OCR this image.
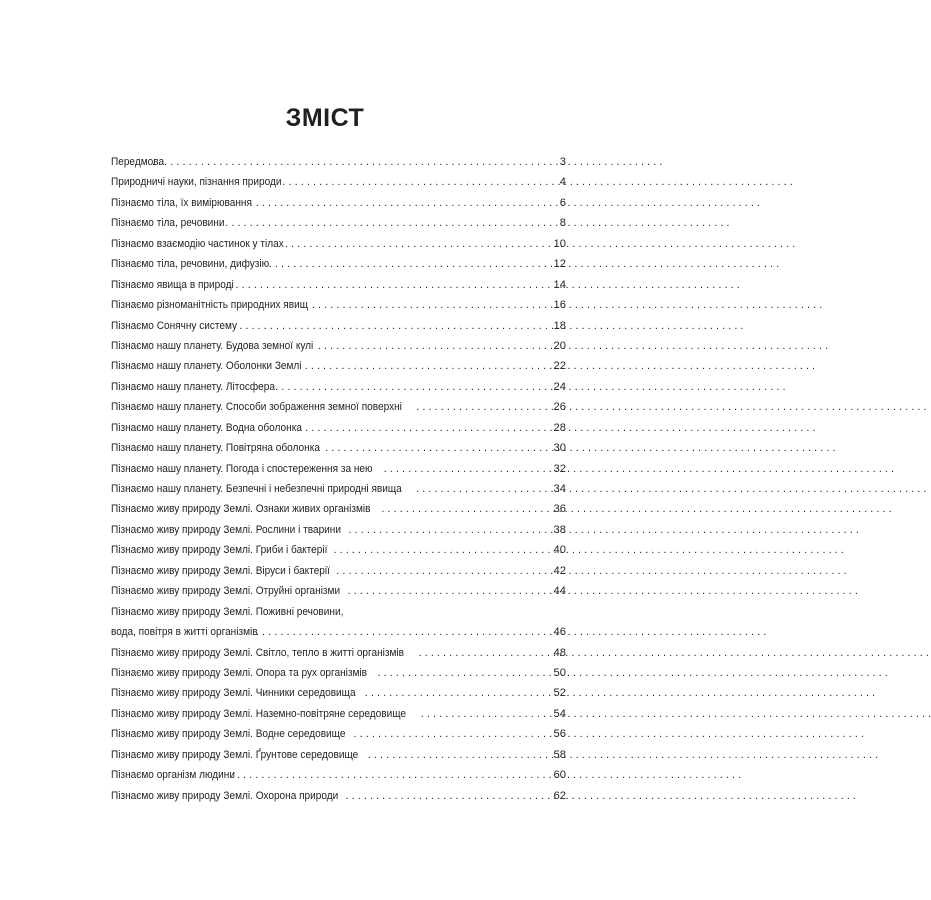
ЗМІСТ
Передмова . . .	3
Природничі науки, пізнання природи . . .	4
Пізнаємо тіла, їх вимірювання . . .	6
Пізнаємо тіла, речовини . . .	8
Пізнаємо взаємодію частинок у тілах . . .	10
Пізнаємо тіла, речовини, дифузію . . .	12
Пізнаємо явища в природі . . .	14
Пізнаємо різноманітність природних явищ . . .	16
Пізнаємо Сонячну систему . . .	18
Пізнаємо нашу планету. Будова земної кулі . . .	20
Пізнаємо нашу планету. Оболонки Землі . . .	22
Пізнаємо нашу планету. Літосфера . . .	24
Пізнаємо нашу планету. Способи зображення земної поверхні . . .	26
Пізнаємо нашу планету. Водна оболонка . . .	28
Пізнаємо нашу планету. Повітряна оболонка . . .	30
Пізнаємо нашу планету. Погода і спостереження за нею . . .	32
Пізнаємо нашу планету. Безпечні і небезпечні природні явища . . .	34
Пізнаємо живу природу Землі. Ознаки живих організмів . . .	36
Пізнаємо живу природу Землі. Рослини і тварини . . .	38
Пізнаємо живу природу Землі. Гриби і бактерії . . .	40
Пізнаємо живу природу Землі. Віруси і бактерії . . .	42
Пізнаємо живу природу Землі. Отруйні організми . . .	44
Пізнаємо живу природу Землі. Поживні речовини,
вода, повітря в житті організмів . . .	46
Пізнаємо живу природу Землі. Світло, тепло в житті організмів . . .	48
Пізнаємо живу природу Землі. Опора та рух організмів . . .	50
Пізнаємо живу природу Землі. Чинники середовища . . .	52
Пізнаємо живу природу Землі. Наземно-повітряне середовище . . .	54
Пізнаємо живу природу Землі. Водне середовище . . .	56
Пізнаємо живу природу Землі. Ґрунтове середовище . . .	58
Пізнаємо організм людини . . .	60
Пізнаємо живу природу Землі. Охорона природи . . .	62
